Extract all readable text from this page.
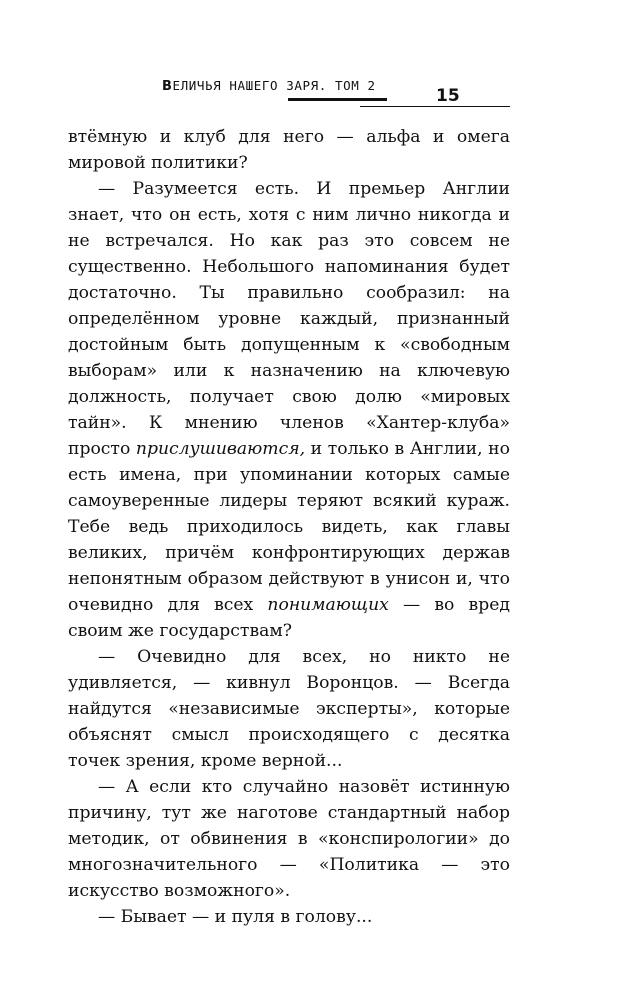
ВЕЛИЧЬЯ НАШЕГО ЗАРЯ. ТОМ 2
15

втёмную и клуб для него — альфа и омега мировой политики?

— Разумеется есть. И премьер Англии знает, что он есть, хотя с ним лично никогда и не встречался. Но как раз это совсем не существенно. Небольшого напоминания будет достаточно. Ты правильно сообразил: на определённом уровне каждый, признанный достойным быть допущенным к «свободным выборам» или к назначению на ключевую должность, получает свою долю «мировых тайн». К мнению членов «Хантер-клуба» просто прислушиваются, и только в Англии, но есть имена, при упоминании которых самые самоуверенные лидеры теряют всякий кураж. Тебе ведь приходилось видеть, как главы великих, причём конфронтирующих держав непонятным образом действуют в унисон и, что очевидно для всех понимающих — во вред своим же государствам?

— Очевидно для всех, но никто не удивляется, — кивнул Воронцов. — Всегда найдутся «независимые эксперты», которые объяснят смысл происходящего с десятка точек зрения, кроме верной...

— А если кто случайно назовёт истинную причину, тут же наготове стандартный набор методик, от обвинения в «конспирологии» до многозначительного — «Политика — это искусство возможного».

— Бывает — и пуля в голову...
